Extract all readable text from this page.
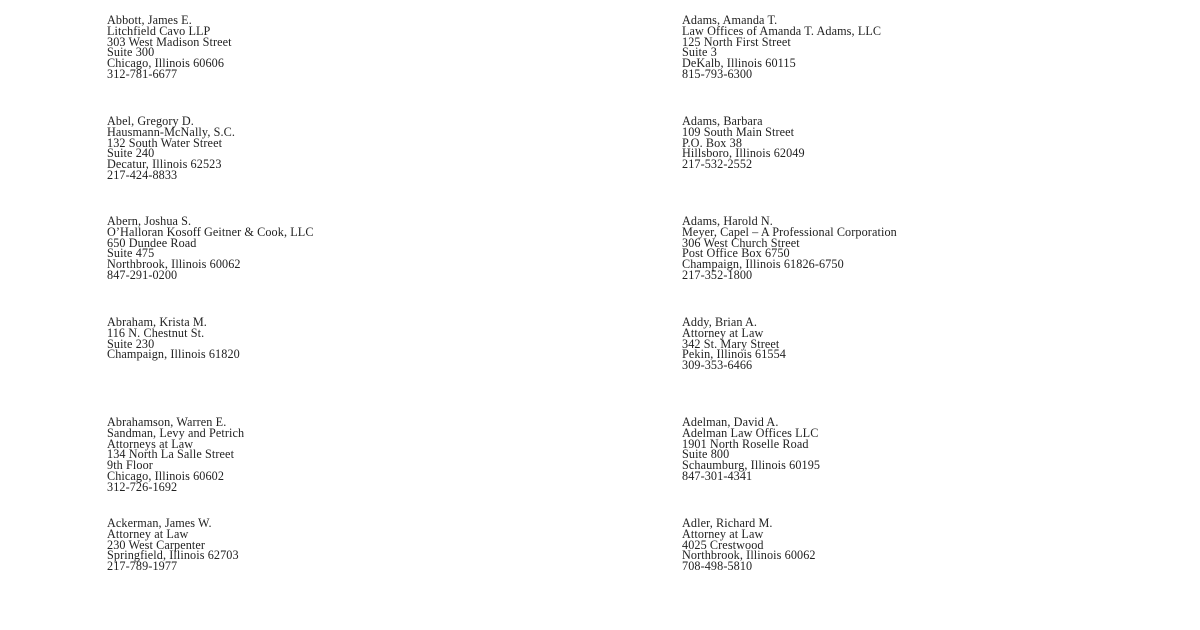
Abbott, James E.
Litchfield Cavo LLP
303 West Madison Street
Suite 300
Chicago, Illinois 60606
312-781-6677
Abel, Gregory D.
Hausmann-McNally, S.C.
132 South Water Street
Suite 240
Decatur, Illinois 62523
217-424-8833
Abern, Joshua S.
O’Halloran Kosoff Geitner & Cook, LLC
650 Dundee Road
Suite 475
Northbrook, Illinois 60062
847-291-0200
Abraham, Krista M.
116 N. Chestnut St.
Suite 230
Champaign, Illinois 61820
Abrahamson, Warren E.
Sandman, Levy and Petrich
Attorneys at Law
134 North La Salle Street
9th Floor
Chicago, Illinois 60602
312-726-1692
Ackerman, James W.
Attorney at Law
230 West Carpenter
Springfield, Illinois 62703
217-789-1977
Adams, Amanda T.
Law Offices of Amanda T. Adams, LLC
125 North First Street
Suite 3
DeKalb, Illinois 60115
815-793-6300
Adams, Barbara
109 South Main Street
P.O. Box 38
Hillsboro, Illinois 62049
217-532-2552
Adams, Harold N.
Meyer, Capel – A Professional Corporation
306 West Church Street
Post Office Box 6750
Champaign, Illinois 61826-6750
217-352-1800
Addy, Brian A.
Attorney at Law
342 St. Mary Street
Pekin, Illinois 61554
309-353-6466
Adelman, David A.
Adelman Law Offices LLC
1901 North Roselle Road
Suite 800
Schaumburg, Illinois 60195
847-301-4341
Adler, Richard M.
Attorney at Law
4025 Crestwood
Northbrook, Illinois 60062
708-498-5810
